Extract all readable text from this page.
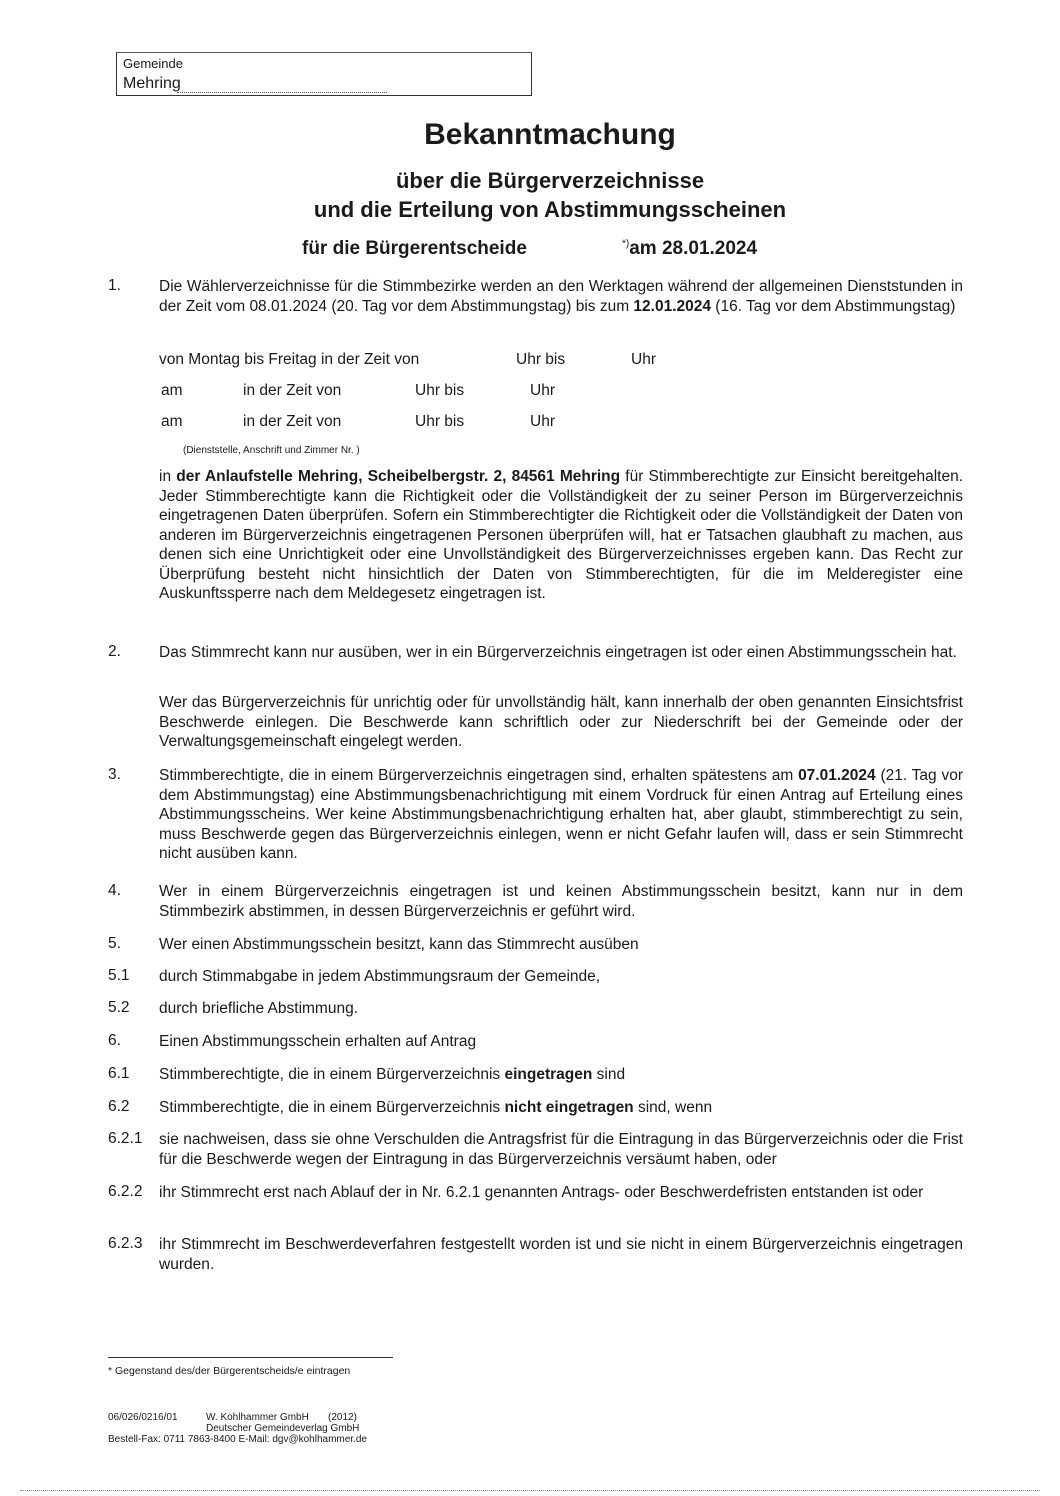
Gemeinde
Mehring
Bekanntmachung
über die Bürgerverzeichnisse
und die Erteilung von Abstimmungsscheinen
für die Bürgerentscheide	*)am 28.01.2024
1. Die Wählerverzeichnisse für die Stimmbezirke werden an den Werktagen während der allgemeinen Dienststunden in der Zeit vom 08.01.2024 (20. Tag vor dem Abstimmungstag) bis zum 12.01.2024 (16. Tag vor dem Abstimmungstag)
von Montag bis Freitag in der Zeit von	Uhr bis	Uhr
am	in der Zeit von	Uhr bis	Uhr
am	in der Zeit von	Uhr bis	Uhr
(Dienststelle, Anschrift und Zimmer Nr. )
in der Anlaufstelle Mehring, Scheibelbergstr. 2, 84561 Mehring für Stimmberechtigte zur Einsicht bereitgehalten. Jeder Stimmberechtigte kann die Richtigkeit oder die Vollständigkeit der zu seiner Person im Bürgerverzeichnis eingetragenen Daten überprüfen. Sofern ein Stimmberechtigter die Richtigkeit oder die Vollständigkeit der Daten von anderen im Bürgerverzeichnis eingetragenen Personen überprüfen will, hat er Tatsachen glaubhaft zu machen, aus denen sich eine Unrichtigkeit oder eine Unvollständigkeit des Bürgerverzeichnisses ergeben kann. Das Recht zur Überprüfung besteht nicht hinsichtlich der Daten von Stimmberechtigten, für die im Melderegister eine Auskunftssperre nach dem Meldegesetz eingetragen ist.
2. Das Stimmrecht kann nur ausüben, wer in ein Bürgerverzeichnis eingetragen ist oder einen Abstimmungsschein hat.
Wer das Bürgerverzeichnis für unrichtig oder für unvollständig hält, kann innerhalb der oben genannten Einsichtsfrist Beschwerde einlegen. Die Beschwerde kann schriftlich oder zur Niederschrift bei der Gemeinde oder der Verwaltungsgemeinschaft eingelegt werden.
3. Stimmberechtigte, die in einem Bürgerverzeichnis eingetragen sind, erhalten spätestens am 07.01.2024 (21. Tag vor dem Abstimmungstag) eine Abstimmungsbenachrichtigung mit einem Vordruck für einen Antrag auf Erteilung eines Abstimmungsscheins. Wer keine Abstimmungsbenachrichtigung erhalten hat, aber glaubt, stimmberechtigt zu sein, muss Beschwerde gegen das Bürgerverzeichnis einlegen, wenn er nicht Gefahr laufen will, dass er sein Stimmrecht nicht ausüben kann.
4. Wer in einem Bürgerverzeichnis eingetragen ist und keinen Abstimmungsschein besitzt, kann nur in dem Stimmbezirk abstimmen, in dessen Bürgerverzeichnis er geführt wird.
5. Wer einen Abstimmungsschein besitzt, kann das Stimmrecht ausüben
5.1 durch Stimmabgabe in jedem Abstimmungsraum der Gemeinde,
5.2 durch briefliche Abstimmung.
6. Einen Abstimmungsschein erhalten auf Antrag
6.1 Stimmberechtigte, die in einem Bürgerverzeichnis eingetragen sind
6.2 Stimmberechtigte, die in einem Bürgerverzeichnis nicht eingetragen sind, wenn
6.2.1 sie nachweisen, dass sie ohne Verschulden die Antragsfrist für die Eintragung in das Bürgerverzeichnis oder die Frist für die Beschwerde wegen der Eintragung in das Bürgerverzeichnis versäumt haben, oder
6.2.2 ihr Stimmrecht erst nach Ablauf der in Nr. 6.2.1 genannten Antrags- oder Beschwerdefristen entstanden ist oder
6.2.3 ihr Stimmrecht im Beschwerdeverfahren festgestellt worden ist und sie nicht in einem Bürgerverzeichnis eingetragen wurden.
* Gegenstand des/der Bürgerentscheids/e eintragen
06/026/0216/01	W. Kohlhammer GmbH (2012)
Deutscher Gemeindeverlag GmbH
Bestell-Fax: 0711 7863-8400 E-Mail: dgv@kohlhammer.de
